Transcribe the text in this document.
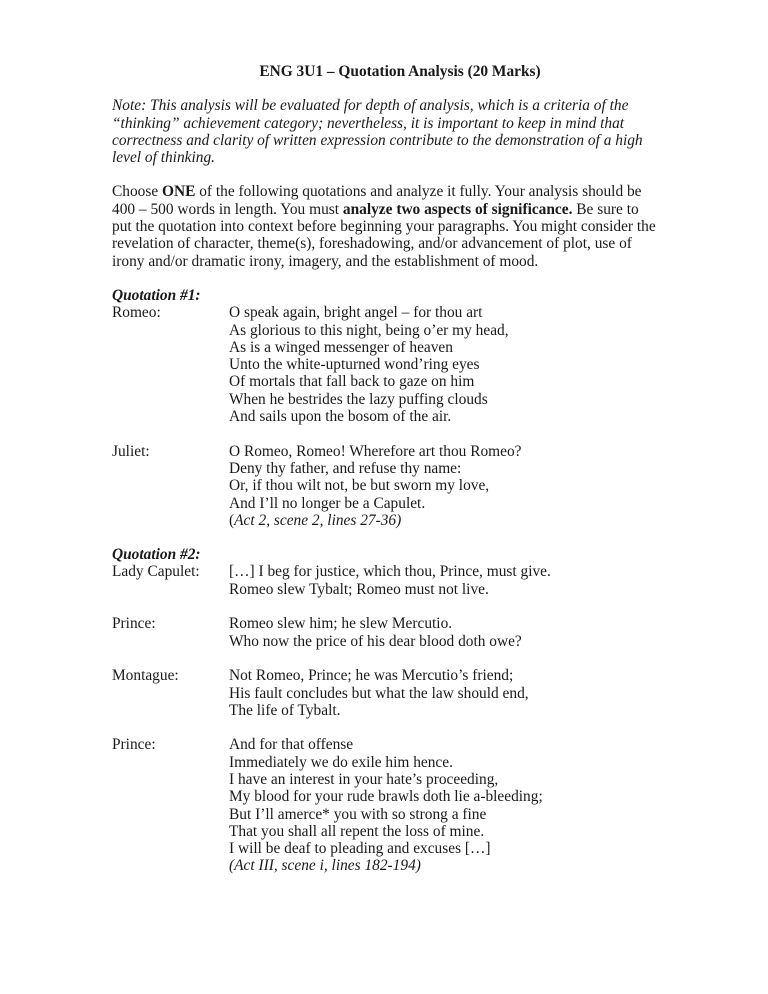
ENG 3U1 – Quotation Analysis (20 Marks)
Note: This analysis will be evaluated for depth of analysis, which is a criteria of the
“thinking” achievement category; nevertheless, it is important to keep in mind that
correctness and clarity of written expression contribute to the demonstration of a high
level of thinking.
Choose ONE of the following quotations and analyze it fully. Your analysis should be
400 – 500 words in length. You must analyze two aspects of significance. Be sure to
put the quotation into context before beginning your paragraphs. You might consider the
revelation of character, theme(s), foreshadowing, and/or advancement of plot, use of
irony and/or dramatic irony, imagery, and the establishment of mood.
Quotation #1:
Romeo:	O speak again, bright angel – for thou art
As glorious to this night, being o’er my head,
As is a winged messenger of heaven
Unto the white-upturned wond’ring eyes
Of mortals that fall back to gaze on him
When he bestrides the lazy puffing clouds
And sails upon the bosom of the air.
Juliet:	O Romeo, Romeo! Wherefore art thou Romeo?
Deny thy father, and refuse thy name:
Or, if thou wilt not, be but sworn my love,
And I’ll no longer be a Capulet.
(Act 2, scene 2, lines 27-36)
Quotation #2:
Lady Capulet:	[…] I beg for justice, which thou, Prince, must give.
Romeo slew Tybalt; Romeo must not live.
Prince:	Romeo slew him; he slew Mercutio.
Who now the price of his dear blood doth owe?
Montague:	Not Romeo, Prince; he was Mercutio’s friend;
His fault concludes but what the law should end,
The life of Tybalt.
Prince:	And for that offense
Immediately we do exile him hence.
I have an interest in your hate’s proceeding,
My blood for your rude brawls doth lie a-bleeding;
But I’ll amerce* you with so strong a fine
That you shall all repent the loss of mine.
I will be deaf to pleading and excuses […]
(Act III, scene i, lines 182-194)
